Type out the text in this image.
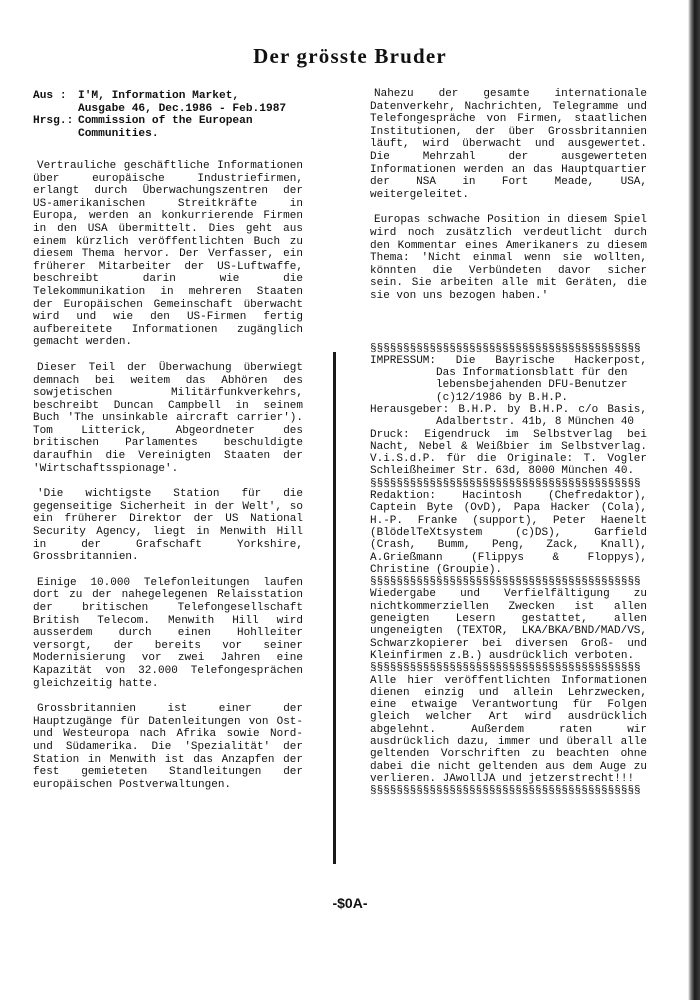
Der grösste Bruder
Aus :	I'M, Information Market,
Ausgabe 46, Dec.1986 - Feb.1987
Hrsg.: Commission of the European
Communities.

Vertrauliche geschäftliche Informationen über europäische Industriefirmen, erlangt durch Überwachungszentren der US-amerikanischen Streitkräfte in Europa, werden an konkurrierende Firmen in den USA übermittelt. Dies geht aus einem kürzlich veröffentlichten Buch zu diesem Thema hervor. Der Verfasser, ein früherer Mitarbeiter der US-Luftwaffe, beschreibt darin wie die Telekommunikation in mehreren Staaten der Europäischen Gemeinschaft überwacht wird und wie den US-Firmen fertig aufbereitete Informationen zugänglich gemacht werden.

Dieser Teil der Überwachung überwiegt demnach bei weitem das Abhören des sowjetischen Militärfunkverkehrs, beschreibt Duncan Campbell in seinem Buch 'The unsinkable aircraft carrier'). Tom Litterick, Abgeordneter des britischen Parlamentes beschuldigte daraufhin die Vereinigten Staaten der 'Wirtschaftsspionage'.

'Die wichtigste Station für die gegenseitige Sicherheit in der Welt', so ein früherer Direktor der US National Security Agency, liegt in Menwith Hill in der Grafschaft Yorkshire, Grossbritannien.

Einige 10.000 Telefonleitungen laufen dort zu der nahegelegenen Relaisstation der britischen Telefongesellschaft British Telecom. Menwith Hill wird ausserdem durch einen Hohlleiter versorgt, der bereits vor seiner Modernisierung vor zwei Jahren eine Kapazität von 32.000 Telefongesprächen gleichzeitig hatte.

Grossbritannien ist einer der Hauptzugänge für Datenleitungen von Ost- und Westeuropa nach Afrika sowie Nord- und Südamerika. Die 'Spezialität' der Station in Menwith ist das Anzapfen der fest gemieteten Standleitungen der europäischen Postverwaltungen.

Nahezu der gesamte internationale Datenverkehr, Nachrichten, Telegramme und Telefongespräche von Firmen, staatlichen Institutionen, der über Grossbritannien läuft, wird überwacht und ausgewertet. Die Mehrzahl der ausgewerteten Informationen werden an das Hauptquartier der NSA in Fort Meade, USA, weitergeleitet.

Europas schwache Position in diesem Spiel wird noch zusätzlich verdeutlicht durch den Kommentar eines Amerikaners zu diesem Thema: 'Nicht einmal wenn sie wollten, könnten die Verbündeten davor sicher sein. Sie arbeiten alle mit Geräten, die sie von uns bezogen haben.'

§§§§§§§§§§§§§§§§§§§§§§§§§§§§§§§§§§§§§§§§§
IMPRESSUM: Die Bayrische Hackerpost,
Das Informationsblatt für den
lebensbejahenden DFÜ-Benutzer
(c)12/1986 by B.H.P.
Herausgeber: B.H.P. by B.H.P. c/o Basis,
Adalbertstr. 41b, 8 München 40
Druck: Eigendruck im Selbstverlag bei Nacht, Nebel & Weißbier im Selbstverlag. V.i.S.d.P. für die Originale: T. Vogler Schleißheimer Str. 63d, 8000 München 40.
§§§§§§§§§§§§§§§§§§§§§§§§§§§§§§§§§§§§§§§§§
Redaktion: Hacintosh (Chefredaktor), Captein Byte (OvD), Papa Hacker (Cola), H.-P. Franke (support), Peter Haenelt (BlödelTeXtsystem (c)DS), Garfield (Crash, Bumm, Peng, Zack, Knall), A.Grießmann (Flippys & Floppys), Christine (Groupie).
§§§§§§§§§§§§§§§§§§§§§§§§§§§§§§§§§§§§§§§§§
Wiedergabe und Verfielfältigung zu nichtkommerziellen Zwecken ist allen geneigten Lesern gestattet, allen ungeneigten (TEXTOR, LKA/BKA/BND/MAD/VS, Schwarzkopierer bei diversen Groß- und Kleinfirmen z.B.) ausdrücklich verboten.
§§§§§§§§§§§§§§§§§§§§§§§§§§§§§§§§§§§§§§§§§
Alle hier veröffentlichten Informationen dienen einzig und allein Lehrzwecken, eine etwaige Verantwortung für Folgen gleich welcher Art wird ausdrücklich abgelehnt. Außerdem raten wir ausdrücklich dazu, immer und überall alle geltenden Vorschriften zu beachten ohne dabei die nicht geltenden aus dem Auge zu verlieren. JAwollJA und jetzerstrecht!!!
§§§§§§§§§§§§§§§§§§§§§§§§§§§§§§§§§§§§§§§§§
-$0A-
